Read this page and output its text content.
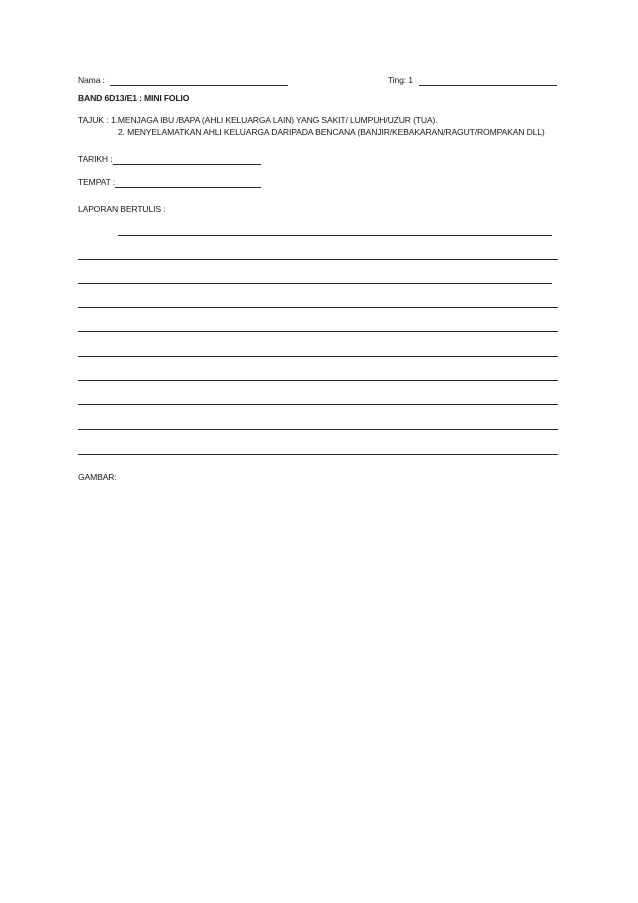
Nama :	Ting: 1
BAND 6D13/E1 : MINI FOLIO
TAJUK : 1.MENJAGA IBU /BAPA (AHLI KELUARGA LAIN) YANG SAKIT/ LUMPUH/UZUR (TUA).
2. MENYELAMATKAN AHLI KELUARGA DARIPADA BENCANA (BANJIR/KEBAKARAN/RAGUT/ROMPAKAN DLL)
TARIKH :
TEMPAT :
LAPORAN BERTULIS :
GAMBAR:
